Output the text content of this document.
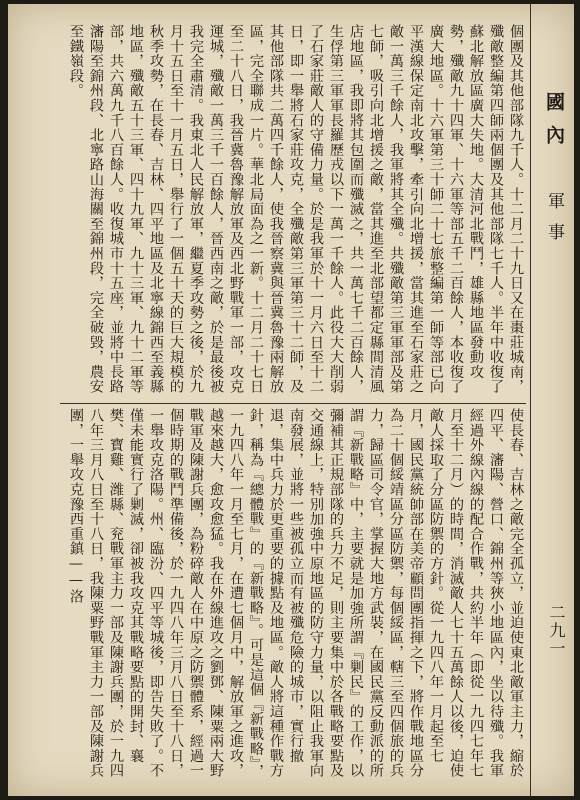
國內 軍事
二九一
個團及其他部隊九千人。十二月二十九日又在棗莊城南，殲敵整編第四師兩個團及其他部隊七千人。半年中收復了蘇北解放區廣大失地。大清河北戰鬥，雄縣地區發動攻勢，殲敵九十四軍、十六軍等部五千二百餘人，本收復了廣大地區。十六軍第三十師二十七旅整編第一師等部已向平漢線保定南北攻擊，牽引向北增援，當其進至石家莊之敵一萬三千餘人，我軍將其全殲。共殲敵第三軍軍部及第七師，吸引向北增援之敵，當其進至北部望都定縣間清風店地區，我即將其包圍而殲滅之，共一萬七千二百餘人，生俘第三軍軍長羅歷戎以下一萬一千餘人。此役大大削弱了石家莊敵人的守備力量。於是我軍於十一月六日至十二日，即一舉將石家莊攻克，全殲敵第三軍第三十二師，及其他部隊共二萬四千餘人，使我晉察冀與晉冀魯豫兩解放區，完全聯成一片。華北局面為之一新。十二月二十七日至二十八日，我晉冀魯豫解放軍及西北野戰軍一部，攻克運城，殲敵一萬三千一百餘人，晉西南之敵，於是最後被我完全肅清。我東北人民解放軍，繼夏季攻勢之後，於九月十五日至十一月五日，舉行了一個五十天的巨大規模的秋季攻勢，在長春、吉林、四平地區及北寧線錦西至義縣地區，殲敵五十三軍、四十九軍、九十三軍、九十二軍等部，共六萬九千八百餘人。收復城市十五座，並將中長路瀋陽至錦州段、北寧路山海關至錦州段，完全破毀，農安至鐵嶺段。
使長春、吉林之敵完全孤立，並迫使東北敵軍主力，縮於四平、瀋陽、營口、錦州等狹小地區內，坐以待殲。我軍經過外線內線的配合作戰，共約半年（即從一九四七年七月至十二月）的時間，消滅敵人七十五萬餘人以後，迫使敵人採取了分區防禦的方針。從一九四八年一月起至七月，國民黨統帥部在美帝顧問團指揮之下，將作戰地區分為二十個綏靖區分區防禦，每個綏區，轄三至四個旅的兵力，歸區司令官，掌握大地方武裝，在國民黨反動派的所謂『新戰略』中，主要就是加強所謂『剿民』的工作，以彌補其正規部隊的兵力不足，則主要集中於各戰略要點及交通線上，特別加強中原地區的防守力量，以阻止我軍向南發展，並將一些被孤立而有被殲危險的城市，實行撤退，集中兵力於更重要的據點及地區。敵人將這種作戰方針，稱為『總體戰』的『新戰略』。可是這個『新戰略』，一九四八年一月至七月，在遭七個月中，解放軍之進攻，越來越大，愈攻愈猛。我在外線進攻之劉鄧、陳粟兩大野戰軍及陳謝兵團，為粉碎敵人在中原之防禦體系，經過一個時期的戰鬥準備後，於一九四八年三月八日至十八日，一舉攻克洛陽。州、臨汾、四平等城後，即告失敗了。不僅未能實行了剿滅，卻被我攻克其戰略要點的開封、襄樊、寶雞、潍縣、兖戰軍主力一部及陳謝兵團，於一九四八年三月八日至十八日，我陳粟野戰軍主力一部及陳謝兵團，一舉攻克豫西重鎮——洛
